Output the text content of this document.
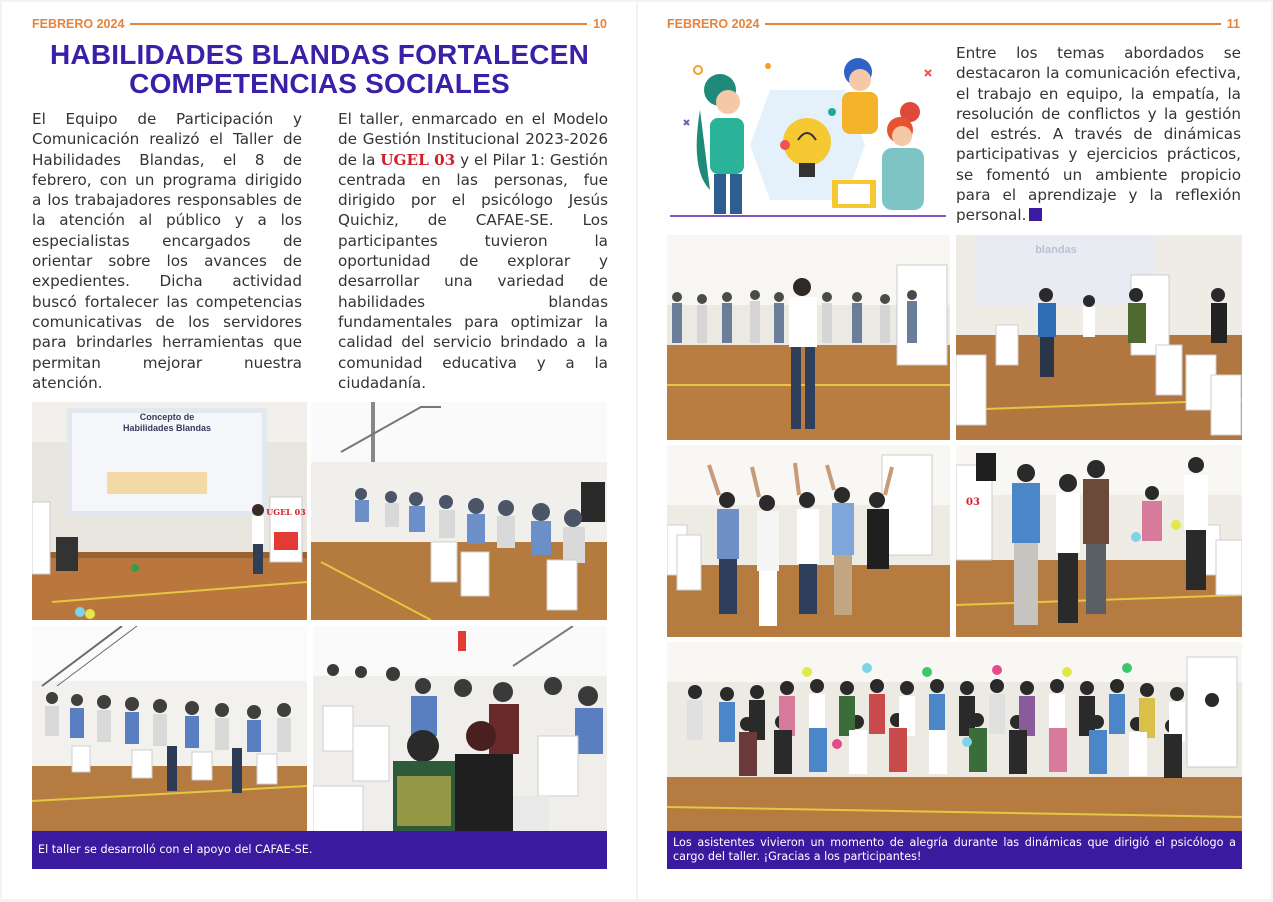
FEBRERO 2024	10
HABILIDADES BLANDAS FORTALECEN
COMPETENCIAS SOCIALES
El Equipo de Participación y Comunicación realizó el Taller de Habilidades Blandas, el 8 de febrero, con un programa dirigido a los trabajadores responsables de la atención al público y a los especialistas encargados de orientar sobre los avances de expedientes. Dicha actividad buscó fortalecer las competencias comunicativas de los servidores para brindarles herramientas que permitan mejorar nuestra atención.
El taller, enmarcado en el Modelo de Gestión Institucional 2023-2026 de la UGEL 03 y el Pilar 1: Gestión centrada en las personas, fue dirigido por el psicólogo Jesús Quichiz, de CAFAE-SE. Los participantes tuvieron la oportunidad de explorar y desarrollar una variedad de habilidades blandas fundamentales para optimizar la calidad del servicio brindado a la comunidad educativa y a la ciudadanía.
Concepto de
Habilidades Blandas
UGEL 03
El taller se desarrolló con el apoyo del CAFAE-SE.
FEBRERO 2024	11
Entre los temas abordados se destacaron la comunicación efectiva, el trabajo en equipo, la empatía, la resolución de conflictos y la gestión del estrés. A través de dinámicas participativas y ejercicios prácticos, se fomentó un ambiente propicio para el aprendizaje y la reflexión personal.
blandas
03
Los asistentes vivieron un momento de alegría durante las dinámicas que dirigió el psicólogo a cargo del taller. ¡Gracias a los participantes!
